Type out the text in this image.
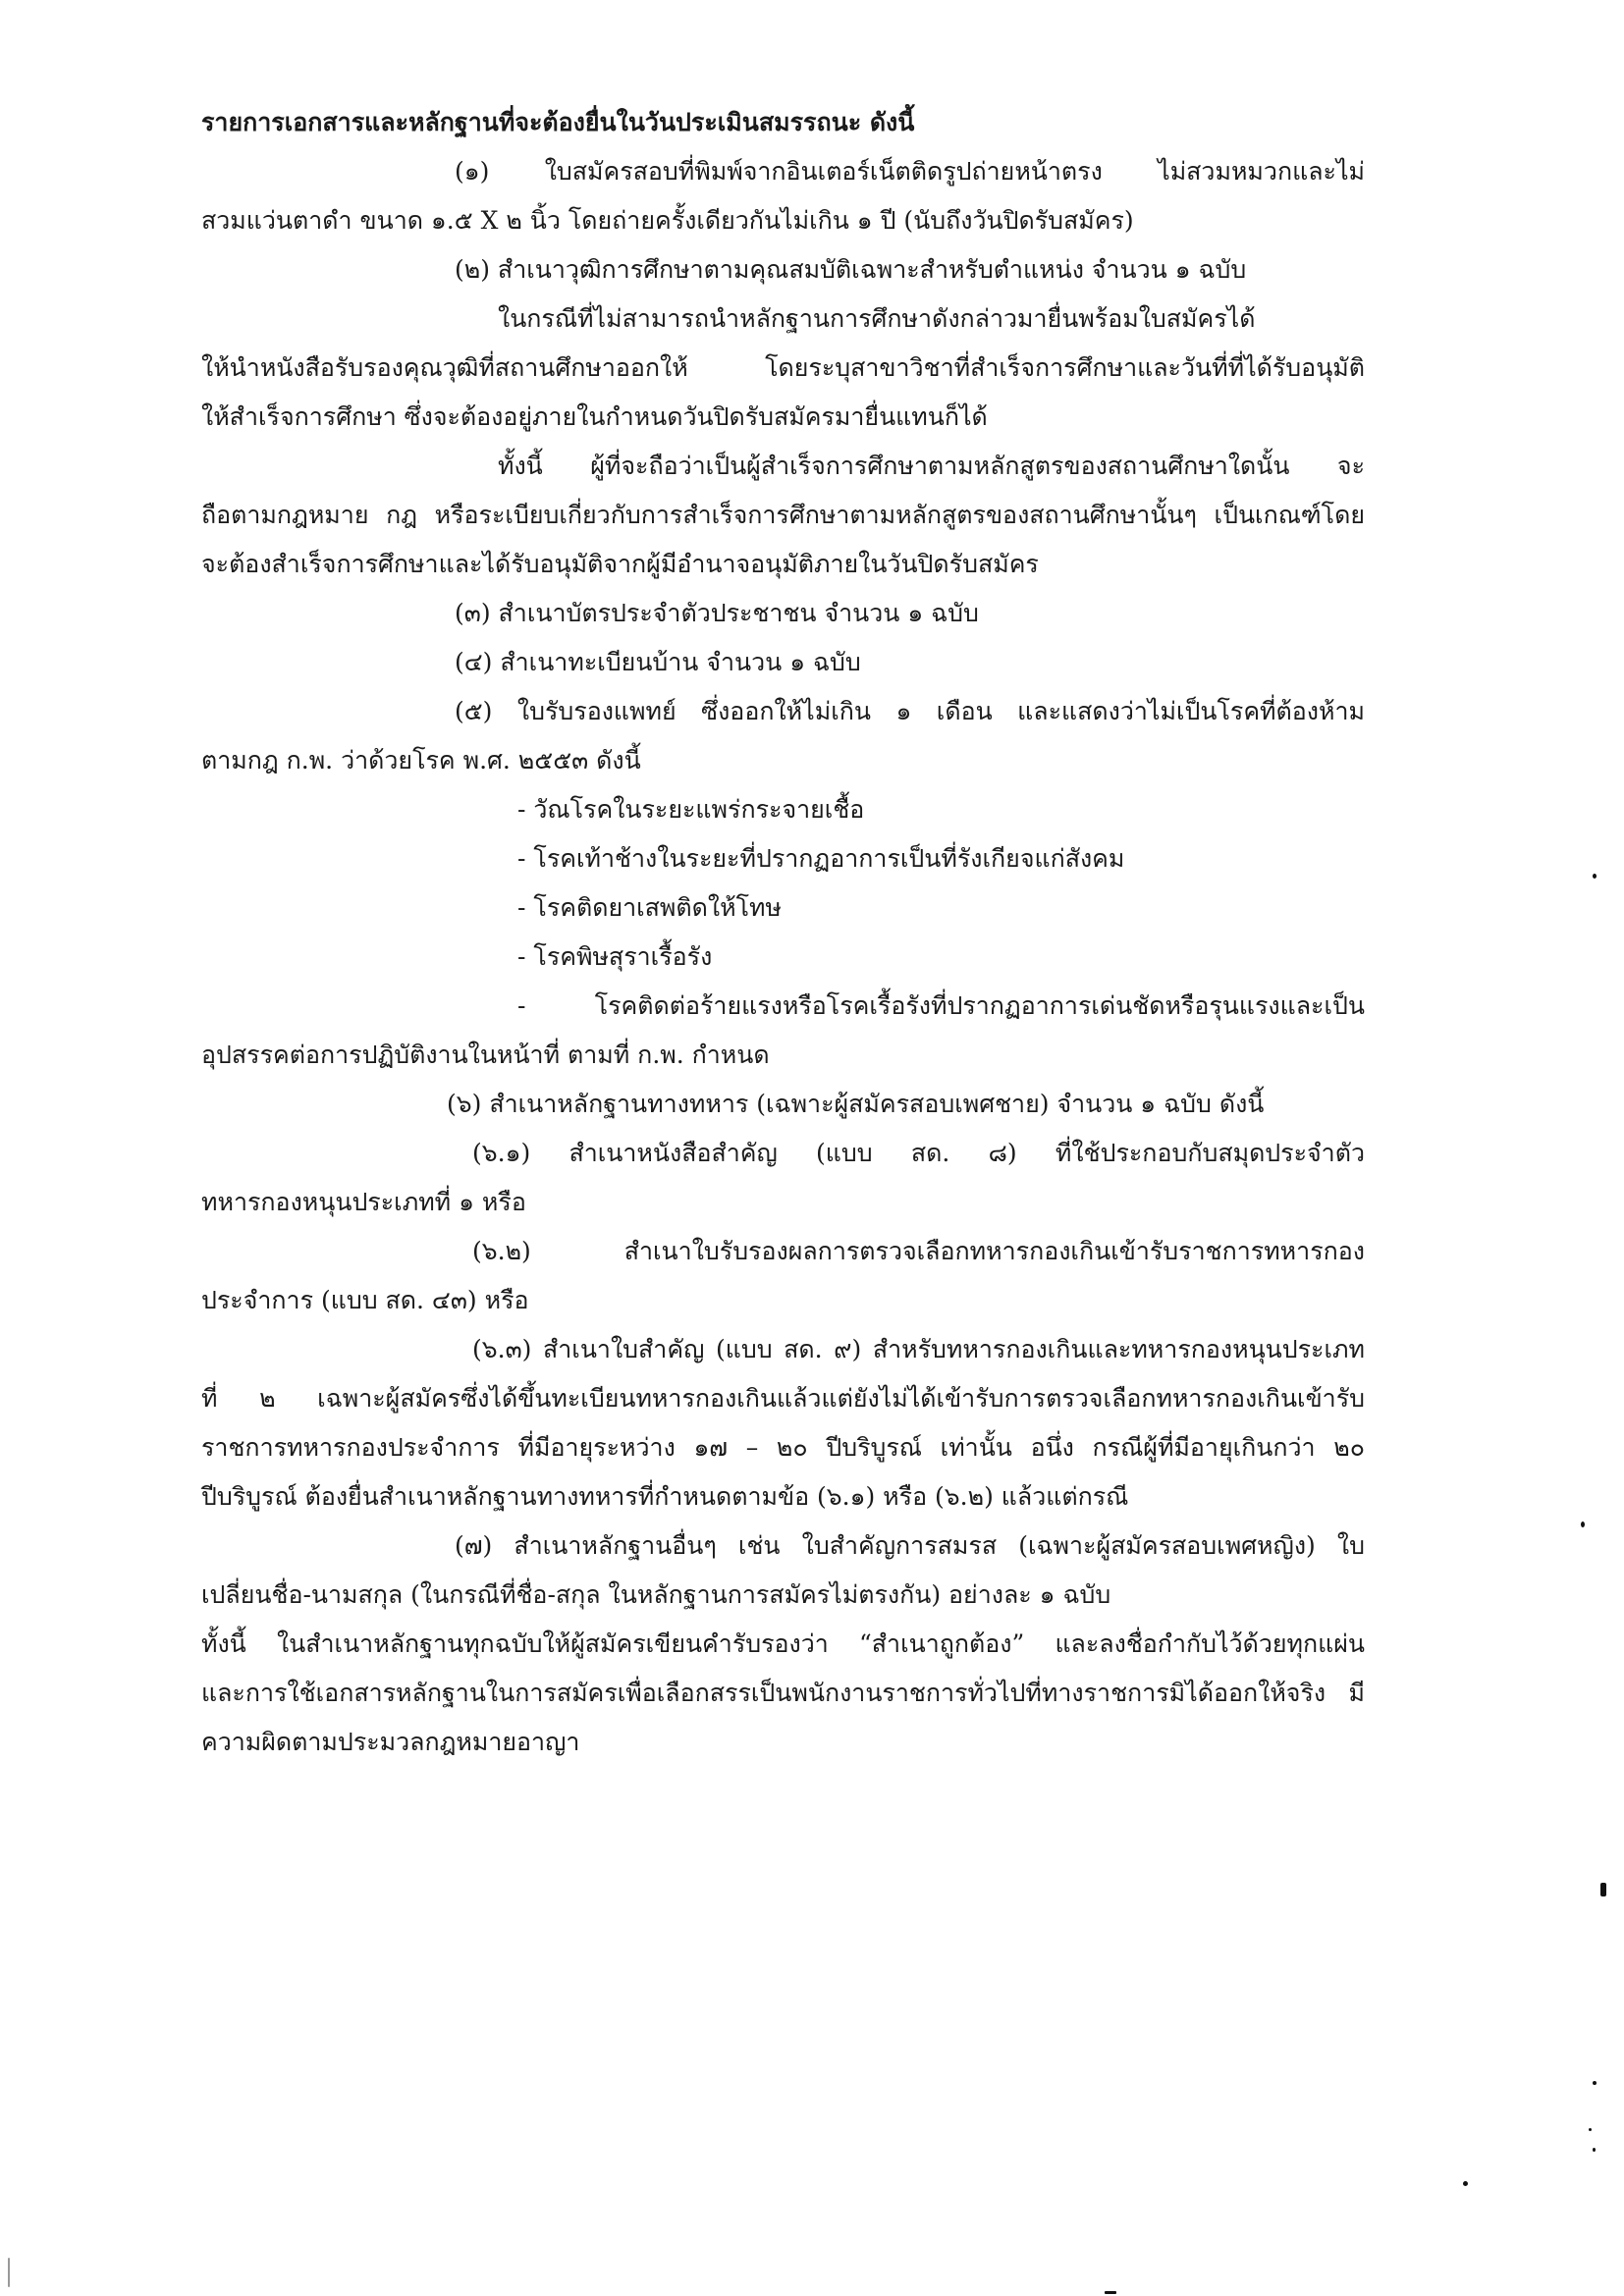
รายการเอกสารและหลักฐานที่จะต้องยื่นในวันประเมินสมรรถนะ ดังนี้

(๑) ใบสมัครสอบที่พิมพ์จากอินเตอร์เน็ตติดรูปถ่ายหน้าตรง ไม่สวมหมวกและไม่

สวมแว่นตาดำ ขนาด ๑.๕ X ๒ นิ้ว โดยถ่ายครั้งเดียวกันไม่เกิน ๑ ปี (นับถึงวันปิดรับสมัคร)

(๒) สำเนาวุฒิการศึกษาตามคุณสมบัติเฉพาะสำหรับตำแหน่ง จำนวน ๑ ฉบับ

ในกรณีที่ไม่สามารถนำหลักฐานการศึกษาดังกล่าวมายื่นพร้อมใบสมัครได้

ให้นำหนังสือรับรองคุณวุฒิที่สถานศึกษาออกให้ โดยระบุสาขาวิชาที่สำเร็จการศึกษาและวันที่ที่ได้รับอนุมัติ

ให้สำเร็จการศึกษา ซึ่งจะต้องอยู่ภายในกำหนดวันปิดรับสมัครมายื่นแทนก็ได้

ทั้งนี้ ผู้ที่จะถือว่าเป็นผู้สำเร็จการศึกษาตามหลักสูตรของสถานศึกษาใดนั้น จะ

ถือตามกฎหมาย กฎ หรือระเบียบเกี่ยวกับการสำเร็จการศึกษาตามหลักสูตรของสถานศึกษานั้นๆ เป็นเกณฑ์โดย

จะต้องสำเร็จการศึกษาและได้รับอนุมัติจากผู้มีอำนาจอนุมัติภายในวันปิดรับสมัคร

(๓) สำเนาบัตรประจำตัวประชาชน จำนวน ๑ ฉบับ

(๔) สำเนาทะเบียนบ้าน จำนวน ๑ ฉบับ

(๕) ใบรับรองแพทย์ ซึ่งออกให้ไม่เกิน ๑ เดือน และแสดงว่าไม่เป็นโรคที่ต้องห้าม

ตามกฎ ก.พ. ว่าด้วยโรค พ.ศ. ๒๕๕๓ ดังนี้

- วัณโรคในระยะแพร่กระจายเชื้อ

- โรคเท้าช้างในระยะที่ปรากฏอาการเป็นที่รังเกียจแก่สังคม

- โรคติดยาเสพติดให้โทษ

- โรคพิษสุราเรื้อรัง

- โรคติดต่อร้ายแรงหรือโรคเรื้อรังที่ปรากฏอาการเด่นชัดหรือรุนแรงและเป็น

อุปสรรคต่อการปฏิบัติงานในหน้าที่ ตามที่ ก.พ. กำหนด

(๖) สำเนาหลักฐานทางทหาร (เฉพาะผู้สมัครสอบเพศชาย) จำนวน ๑ ฉบับ ดังนี้

(๖.๑) สำเนาหนังสือสำคัญ (แบบ สด. ๘) ที่ใช้ประกอบกับสมุดประจำตัว

ทหารกองหนุนประเภทที่ ๑ หรือ

(๖.๒) สำเนาใบรับรองผลการตรวจเลือกทหารกองเกินเข้ารับราชการทหารกอง

ประจำการ (แบบ สด. ๔๓) หรือ

(๖.๓) สำเนาใบสำคัญ (แบบ สด. ๙) สำหรับทหารกองเกินและทหารกองหนุนประเภท

ที่ ๒ เฉพาะผู้สมัครซึ่งได้ขึ้นทะเบียนทหารกองเกินแล้วแต่ยังไม่ได้เข้ารับการตรวจเลือกทหารกองเกินเข้ารับ

ราชการทหารกองประจำการ ที่มีอายุระหว่าง ๑๗ – ๒๐ ปีบริบูรณ์ เท่านั้น อนึ่ง กรณีผู้ที่มีอายุเกินกว่า ๒๐

ปีบริบูรณ์ ต้องยื่นสำเนาหลักฐานทางทหารที่กำหนดตามข้อ (๖.๑) หรือ (๖.๒) แล้วแต่กรณี

(๗) สำเนาหลักฐานอื่นๆ เช่น ใบสำคัญการสมรส (เฉพาะผู้สมัครสอบเพศหญิง) ใบ

เปลี่ยนชื่อ-นามสกุล (ในกรณีที่ชื่อ-สกุล ในหลักฐานการสมัครไม่ตรงกัน) อย่างละ ๑ ฉบับ

ทั้งนี้ ในสำเนาหลักฐานทุกฉบับให้ผู้สมัครเขียนคำรับรองว่า “สำเนาถูกต้อง” และลงชื่อกำกับไว้ด้วยทุกแผ่น

และการใช้เอกสารหลักฐานในการสมัครเพื่อเลือกสรรเป็นพนักงานราชการทั่วไปที่ทางราชการมิได้ออกให้จริง มี

ความผิดตามประมวลกฎหมายอาญา
